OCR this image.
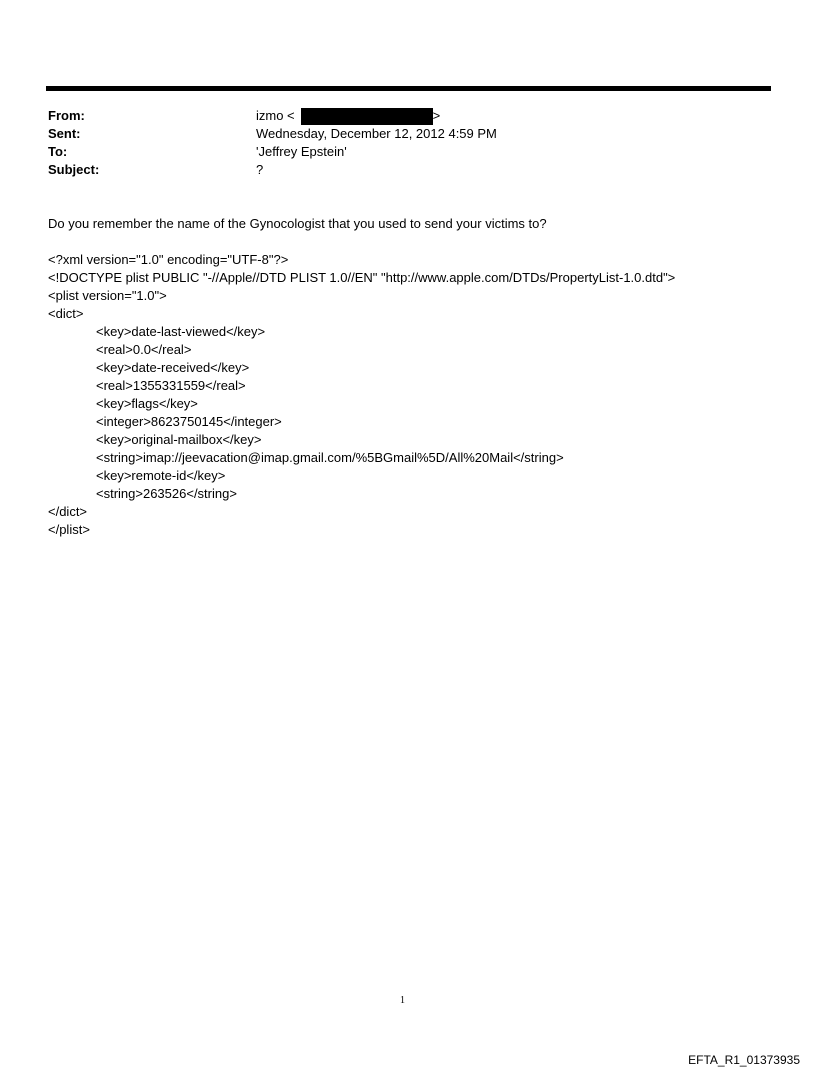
From:	izmo <	>
Sent:	Wednesday, December 12, 2012 4:59 PM
To:	'Jeffrey Epstein'
Subject:	?
Do you remember the name of the Gynocologist that you used to send your victims to?
<?xml version="1.0" encoding="UTF-8"?>
<!DOCTYPE plist PUBLIC "-//Apple//DTD PLIST 1.0//EN" "http://www.apple.com/DTDs/PropertyList-1.0.dtd">
<plist version="1.0">
<dict>
<key>date-last-viewed</key>
<real>0.0</real>
<key>date-received</key>
<real>1355331559</real>
<key>flags</key>
<integer>8623750145</integer>
<key>original-mailbox</key>
<string>imap://jeevacation@imap.gmail.com/%5BGmail%5D/All%20Mail</string>
<key>remote-id</key>
<string>263526</string>
</dict>
</plist>
1
EFTA_R1_01373935
